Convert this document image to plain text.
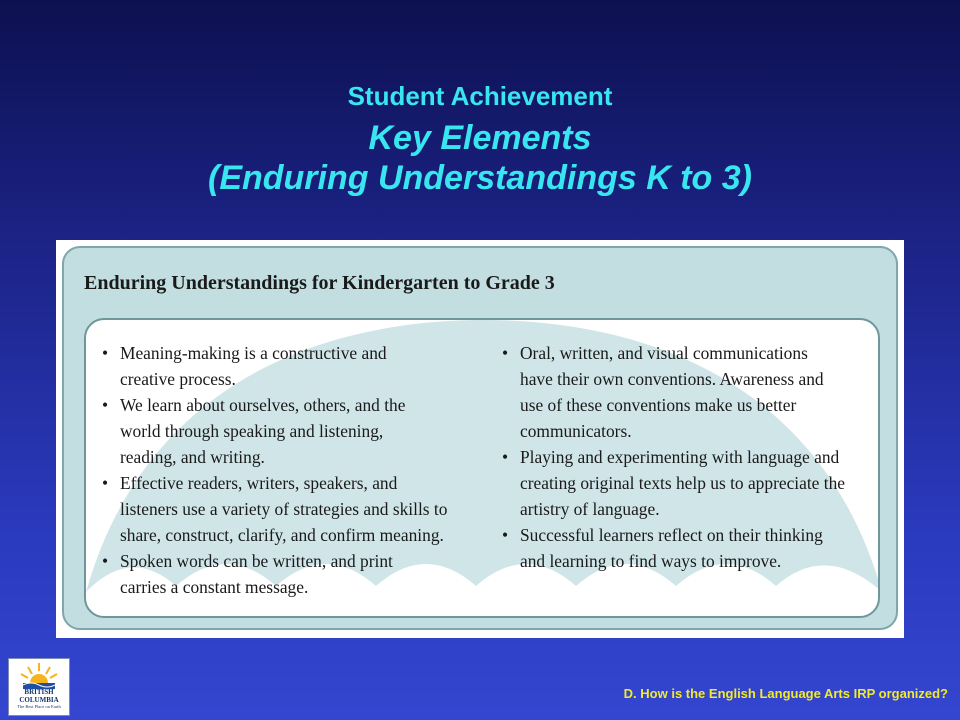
Student Achievement
Key Elements
(Enduring Understandings K to 3)
Enduring Understandings for Kindergarten to Grade 3
• Meaning-making is a constructive and
creative process.
• We learn about ourselves, others, and the
world through speaking and listening,
reading, and writing.
• Effective readers, writers, speakers, and
listeners use a variety of strategies and skills to
share, construct, clarify, and confirm meaning.
• Spoken words can be written, and print
carries a constant message.
• Oral, written, and visual communications
have their own conventions. Awareness and
use of these conventions make us better
communicators.
• Playing and experimenting with language and
creating original texts help us to appreciate the
artistry of language.
• Successful learners reflect on their thinking
and learning to find ways to improve.
BRITISH
COLUMBIA
The Best Place on Earth
D. How is the English Language Arts IRP organized?
